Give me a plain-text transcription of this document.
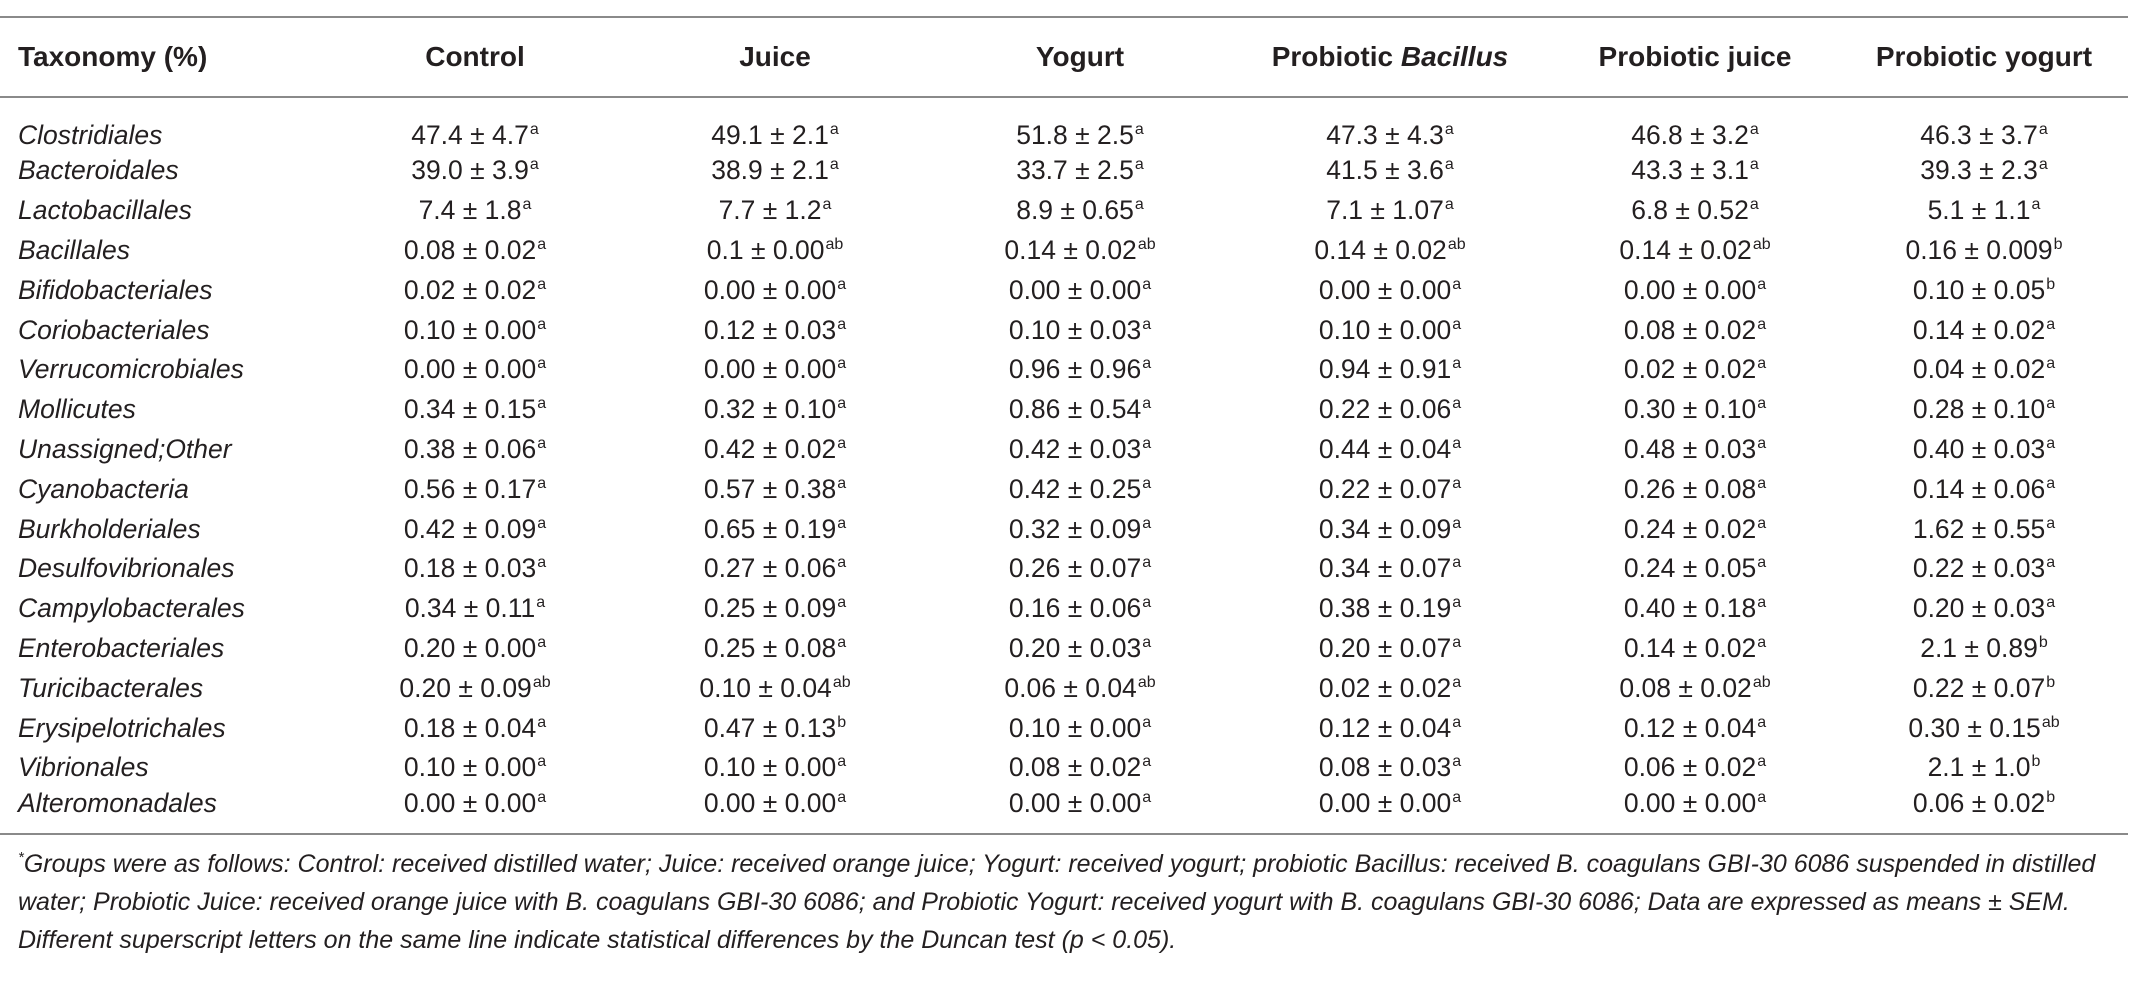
Taxonomy (%)	Control	Juice	Yogurt	Probiotic Bacillus	Probiotic juice	Probiotic yogurt
Clostridiales	47.4 ± 4.7$^a$	49.1 ± 2.1$^a$	51.8 ± 2.5$^a$	47.3 ± 4.3$^a$	46.8 ± 3.2$^a$	46.3 ± 3.7$^a$
Bacteroidales	39.0 ± 3.9$^a$	38.9 ± 2.1$^a$	33.7 ± 2.5$^a$	41.5 ± 3.6$^a$	43.3 ± 3.1$^a$	39.3 ± 2.3$^a$
Lactobacillales	7.4 ± 1.8$^a$	7.7 ± 1.2$^a$	8.9 ± 0.65$^a$	7.1 ± 1.07$^a$	6.8 ± 0.52$^a$	5.1 ± 1.1$^a$
Bacillales	0.08 ± 0.02$^a$	0.1 ± 0.00$^{ab}$	0.14 ± 0.02$^{ab}$	0.14 ± 0.02$^{ab}$	0.14 ± 0.02$^{ab}$	0.16 ± 0.009$^b$
Bifidobacteriales	0.02 ± 0.02$^a$	0.00 ± 0.00$^a$	0.00 ± 0.00$^a$	0.00 ± 0.00$^a$	0.00 ± 0.00$^a$	0.10 ± 0.05$^b$
Coriobacteriales	0.10 ± 0.00$^a$	0.12 ± 0.03$^a$	0.10 ± 0.03$^a$	0.10 ± 0.00$^a$	0.08 ± 0.02$^a$	0.14 ± 0.02$^a$
Verrucomicrobiales	0.00 ± 0.00$^a$	0.00 ± 0.00$^a$	0.96 ± 0.96$^a$	0.94 ± 0.91$^a$	0.02 ± 0.02$^a$	0.04 ± 0.02$^a$
Mollicutes	0.34 ± 0.15$^a$	0.32 ± 0.10$^a$	0.86 ± 0.54$^a$	0.22 ± 0.06$^a$	0.30 ± 0.10$^a$	0.28 ± 0.10$^a$
Unassigned;Other	0.38 ± 0.06$^a$	0.42 ± 0.02$^a$	0.42 ± 0.03$^a$	0.44 ± 0.04$^a$	0.48 ± 0.03$^a$	0.40 ± 0.03$^a$
Cyanobacteria	0.56 ± 0.17$^a$	0.57 ± 0.38$^a$	0.42 ± 0.25$^a$	0.22 ± 0.07$^a$	0.26 ± 0.08$^a$	0.14 ± 0.06$^a$
Burkholderiales	0.42 ± 0.09$^a$	0.65 ± 0.19$^a$	0.32 ± 0.09$^a$	0.34 ± 0.09$^a$	0.24 ± 0.02$^a$	1.62 ± 0.55$^a$
Desulfovibrionales	0.18 ± 0.03$^a$	0.27 ± 0.06$^a$	0.26 ± 0.07$^a$	0.34 ± 0.07$^a$	0.24 ± 0.05$^a$	0.22 ± 0.03$^a$
Campylobacterales	0.34 ± 0.11$^a$	0.25 ± 0.09$^a$	0.16 ± 0.06$^a$	0.38 ± 0.19$^a$	0.40 ± 0.18$^a$	0.20 ± 0.03$^a$
Enterobacteriales	0.20 ± 0.00$^a$	0.25 ± 0.08$^a$	0.20 ± 0.03$^a$	0.20 ± 0.07$^a$	0.14 ± 0.02$^a$	2.1 ± 0.89$^b$
Turicibacterales	0.20 ± 0.09$^{ab}$	0.10 ± 0.04$^{ab}$	0.06 ± 0.04$^{ab}$	0.02 ± 0.02$^a$	0.08 ± 0.02$^{ab}$	0.22 ± 0.07$^b$
Erysipelotrichales	0.18 ± 0.04$^a$	0.47 ± 0.13$^b$	0.10 ± 0.00$^a$	0.12 ± 0.04$^a$	0.12 ± 0.04$^a$	0.30 ± 0.15$^{ab}$
Vibrionales	0.10 ± 0.00$^a$	0.10 ± 0.00$^a$	0.08 ± 0.02$^a$	0.08 ± 0.03$^a$	0.06 ± 0.02$^a$	2.1 ± 1.0$^b$
Alteromonadales	0.00 ± 0.00$^a$	0.00 ± 0.00$^a$	0.00 ± 0.00$^a$	0.00 ± 0.00$^a$	0.00 ± 0.00$^a$	0.06 ± 0.02$^b$
*Groups were as follows: Control: received distilled water; Juice: received orange juice; Yogurt: received yogurt; probiotic Bacillus: received B. coagulans GBI-30 6086 suspended in distilled water; Probiotic Juice: received orange juice with B. coagulans GBI-30 6086; and Probiotic Yogurt: received yogurt with B. coagulans GBI-30 6086; Data are expressed as means ± SEM. Different superscript letters on the same line indicate statistical differences by the Duncan test (p < 0.05).
